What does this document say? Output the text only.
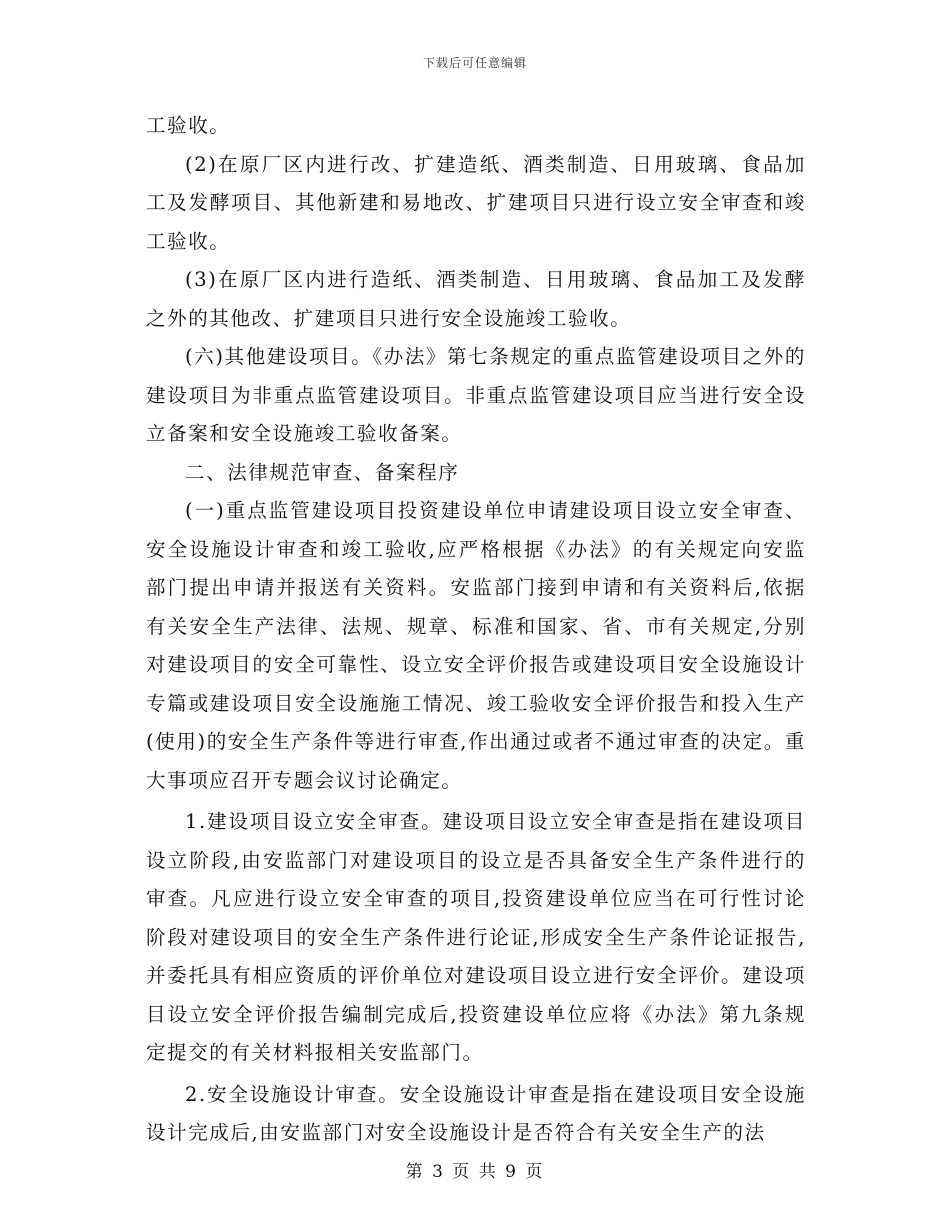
下载后可任意编辑

工验收。

(2)在原厂区内进行改、扩建造纸、酒类制造、日用玻璃、食品加工及发酵项目、其他新建和易地改、扩建项目只进行设立安全审查和竣工验收。

(3)在原厂区内进行造纸、酒类制造、日用玻璃、食品加工及发酵之外的其他改、扩建项目只进行安全设施竣工验收。

(六)其他建设项目。《办法》第七条规定的重点监管建设项目之外的建设项目为非重点监管建设项目。非重点监管建设项目应当进行安全设立备案和安全设施竣工验收备案。

二、法律规范审查、备案程序

(一)重点监管建设项目投资建设单位申请建设项目设立安全审查、安全设施设计审查和竣工验收,应严格根据《办法》的有关规定向安监部门提出申请并报送有关资料。安监部门接到申请和有关资料后,依据有关安全生产法律、法规、规章、标准和国家、省、市有关规定,分别对建设项目的安全可靠性、设立安全评价报告或建设项目安全设施设计专篇或建设项目安全设施施工情况、竣工验收安全评价报告和投入生产(使用)的安全生产条件等进行审查,作出通过或者不通过审查的决定。重大事项应召开专题会议讨论确定。

1.建设项目设立安全审查。建设项目设立安全审查是指在建设项目设立阶段,由安监部门对建设项目的设立是否具备安全生产条件进行的审查。凡应进行设立安全审查的项目,投资建设单位应当在可行性讨论阶段对建设项目的安全生产条件进行论证,形成安全生产条件论证报告,并委托具有相应资质的评价单位对建设项目设立进行安全评价。建设项目设立安全评价报告编制完成后,投资建设单位应将《办法》第九条规定提交的有关材料报相关安监部门。

2.安全设施设计审查。安全设施设计审查是指在建设项目安全设施设计完成后,由安监部门对安全设施设计是否符合有关安全生产的法

第 3 页 共 9 页
